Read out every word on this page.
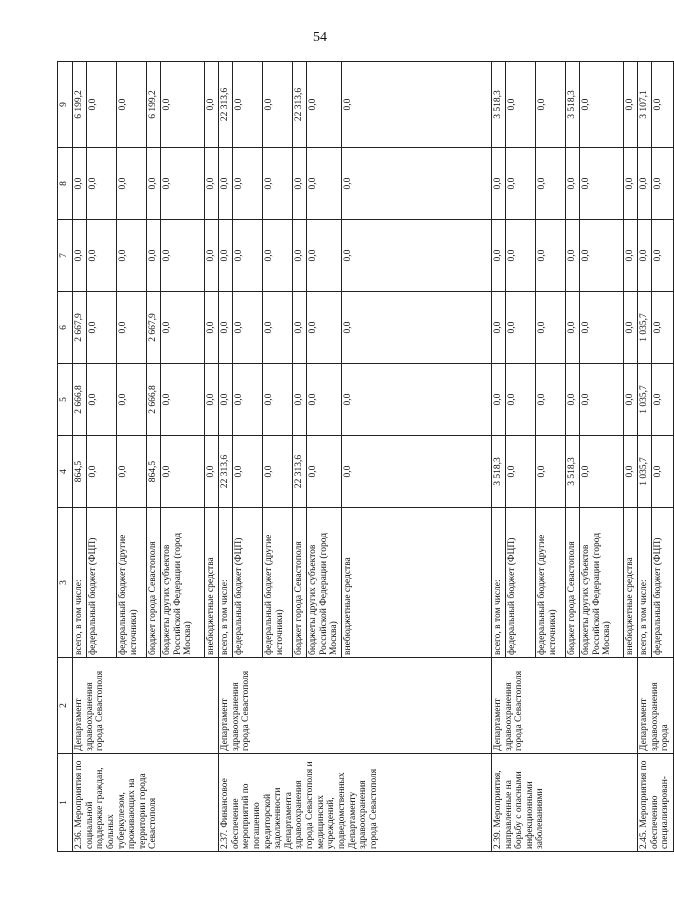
54
1	2	3	4	5	6	7	8	9
2.36. Мероприятия по социальной поддержке граждан, больных туберкулезом, проживающих на территории города Севастополя	Департамент здравоохранения города Севастополя	всего, в том числе:	864,5	2 666,8	2 667,9	0,0	0,0	6 199,2
		федеральный бюджет (ФЦП)	0,0	0,0	0,0	0,0	0,0	0,0
		федеральный бюджет (другие источники)	0,0	0,0	0,0	0,0	0,0	0,0
		бюджет города Севастополя	864,5	2 666,8	2 667,9	0,0	0,0	6 199,2
		бюджеты других субъектов Российской Федерации (город Москва)	0,0	0,0	0,0	0,0	0,0	0,0
		внебюджетные средства	0,0	0,0	0,0	0,0	0,0	0,0
2.37. Финансовое обеспечение мероприятий по погашению кредиторской задолженности Департамента здравоохранения города Севастополя и медицинских учреждений, подведомственных Департаменту здравоохранения города Севастополя	Департамент здравоохранения города Севастополя	всего, в том числе:	22 313,6	0,0	0,0	0,0	0,0	22 313,6
		федеральный бюджет (ФЦП)	0,0	0,0	0,0	0,0	0,0	0,0
		федеральный бюджет (другие источники)	0,0	0,0	0,0	0,0	0,0	0,0
		бюджет города Севастополя	22 313,6	0,0	0,0	0,0	0,0	22 313,6
		бюджеты других субъектов Российской Федерации (город Москва)	0,0	0,0	0,0	0,0	0,0	0,0
		внебюджетные средства	0,0	0,0	0,0	0,0	0,0	0,0
2.39. Мероприятия, направленные на борьбу с опасными инфекционными заболеваниями	Департамент здравоохранения города Севастополя	всего, в том числе:	3 518,3	0,0	0,0	0,0	0,0	3 518,3
		федеральный бюджет (ФЦП)	0,0	0,0	0,0	0,0	0,0	0,0
		федеральный бюджет (другие источники)	0,0	0,0	0,0	0,0	0,0	0,0
		бюджет города Севастополя	3 518,3	0,0	0,0	0,0	0,0	3 518,3
		бюджеты других субъектов Российской Федерации (город Москва)	0,0	0,0	0,0	0,0	0,0	0,0
		внебюджетные средства	0,0	0,0	0,0	0,0	0,0	0,0
2.45. Мероприятия по обеспечению специализирован-	Департамент здравоохранения города	всего, в том числе:	1 035,7	1 035,7	1 035,7	0,0	0,0	3 107,1
		федеральный бюджет (ФЦП)	0,0	0,0	0,0	0,0	0,0	0,0
